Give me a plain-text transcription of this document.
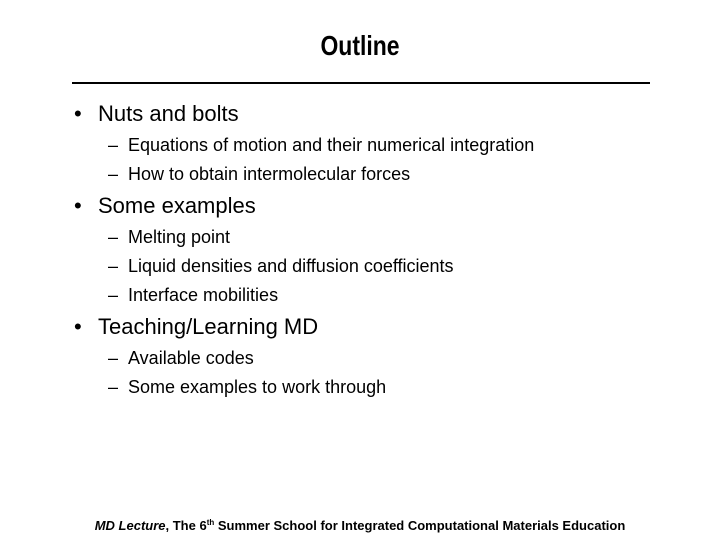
Outline
• Nuts and bolts
– Equations of motion and their numerical integration
– How to obtain intermolecular forces
• Some examples
– Melting point
– Liquid densities and diffusion coefficients
– Interface mobilities
• Teaching/Learning MD
– Available codes
– Some examples to work through
MD Lecture, The 6th Summer School for Integrated Computational Materials Education
